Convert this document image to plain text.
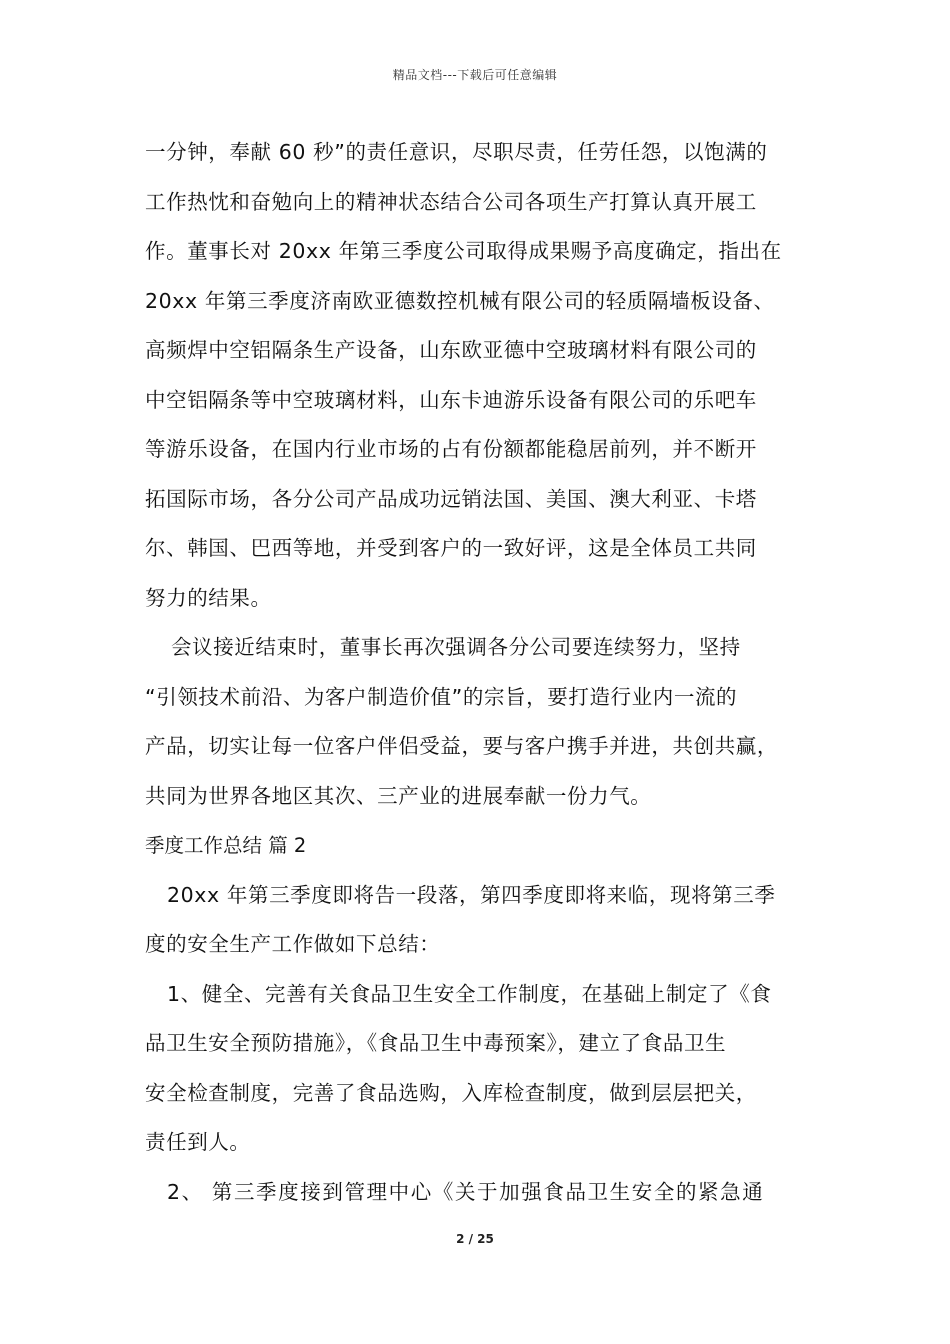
精品文档---下载后可任意编辑
一分钟，奉献 60 秒”的责任意识，尽职尽责，任劳任怨，以饱满的
工作热忱和奋勉向上的精神状态结合公司各项生产打算认真开展工
作。董事长对 20xx 年第三季度公司取得成果赐予高度确定，指出在
20xx 年第三季度济南欧亚德数控机械有限公司的轻质隔墙板设备、
高频焊中空铝隔条生产设备，山东欧亚德中空玻璃材料有限公司的
中空铝隔条等中空玻璃材料，山东卡迪游乐设备有限公司的乐吧车
等游乐设备，在国内行业市场的占有份额都能稳居前列，并不断开
拓国际市场，各分公司产品成功远销法国、美国、澳大利亚、卡塔
尔、韩国、巴西等地，并受到客户的一致好评，这是全体员工共同
努力的结果。
会议接近结束时，董事长再次强调各分公司要连续努力，坚持
“引领技术前沿、为客户制造价值”的宗旨，要打造行业内一流的
产品，切实让每一位客户伴侣受益，要与客户携手并进，共创共赢，
共同为世界各地区其次、三产业的进展奉献一份力气。
季度工作总结 篇 2
20xx 年第三季度即将告一段落，第四季度即将来临，现将第三季
度的安全生产工作做如下总结：
1、健全、完善有关食品卫生安全工作制度，在基础上制定了《食
品卫生安全预防措施》，《食品卫生中毒预案》，建立了食品卫生
安全检查制度，完善了食品选购，入库检查制度，做到层层把关，
责任到人。
2、 第三季度接到管理中心《关于加强食品卫生安全的紧急通
2 / 25
